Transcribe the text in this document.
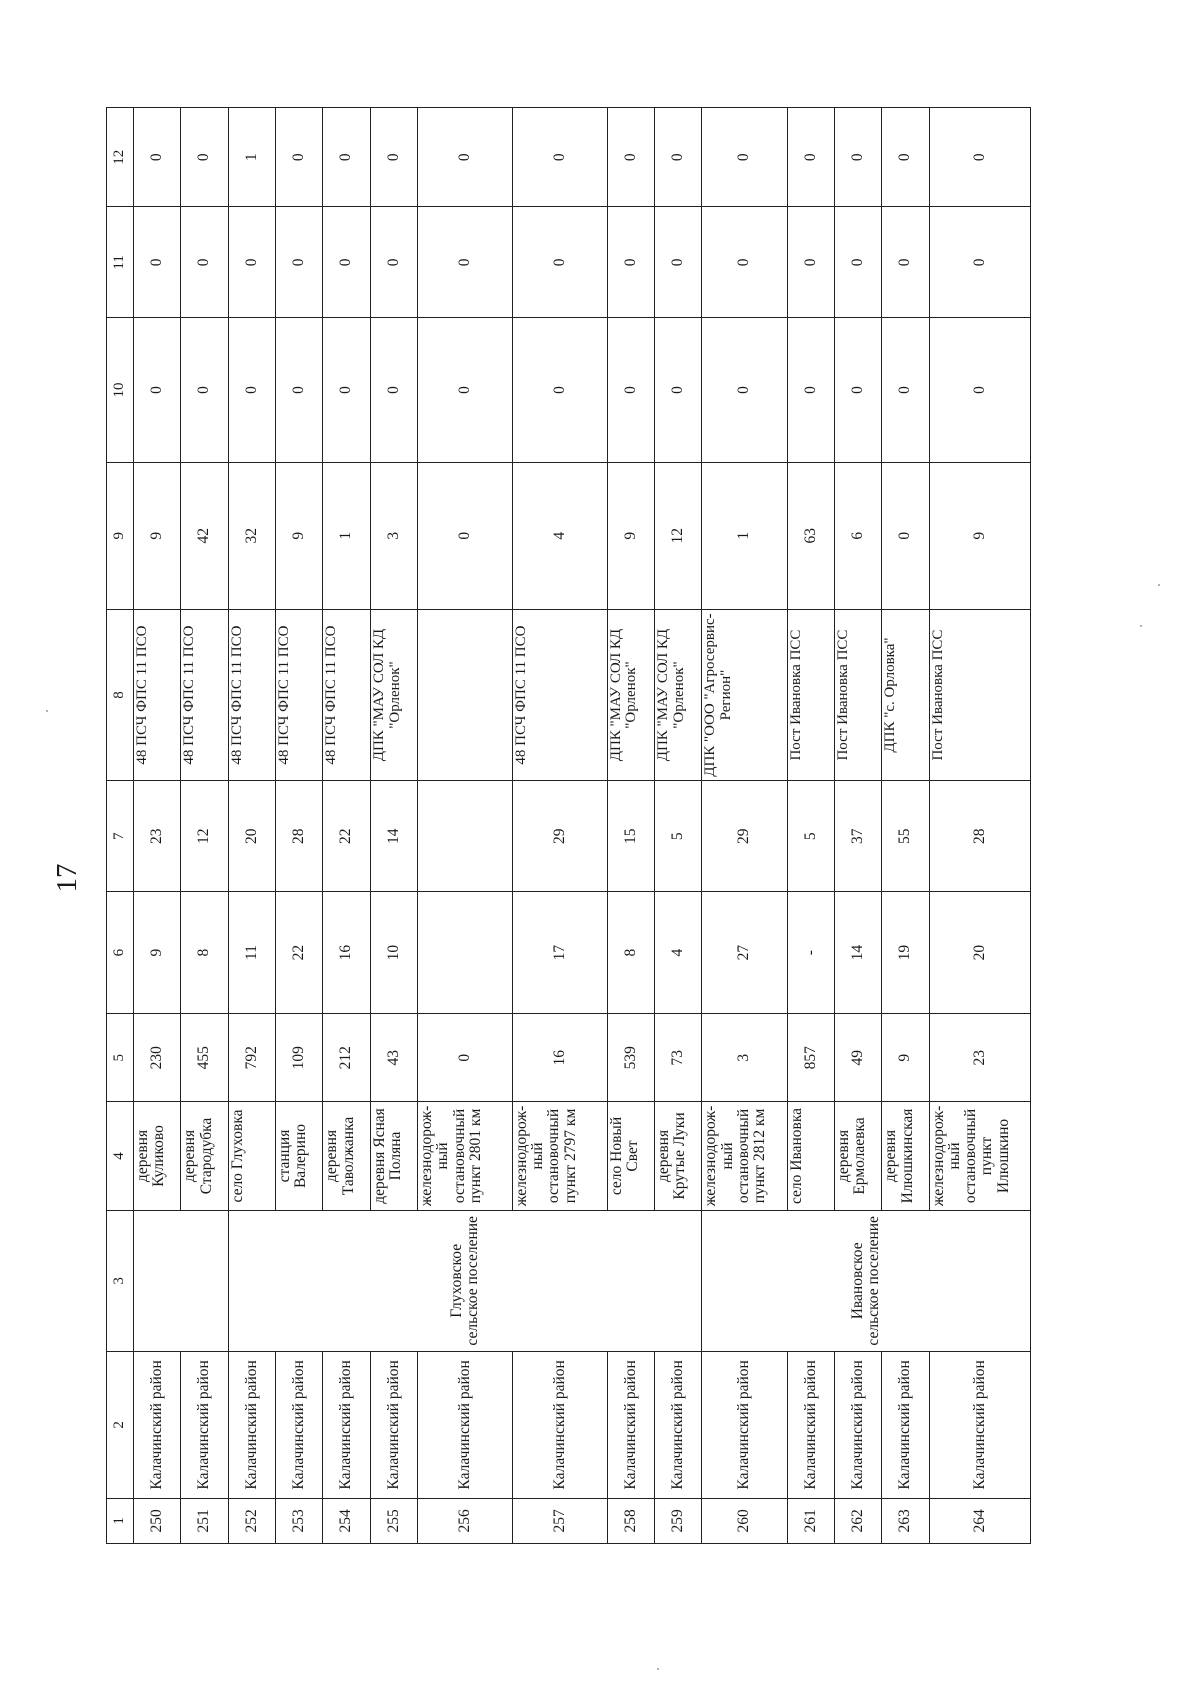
17
1	2	3	4	5	6	7	8	9	10	11	12
250	Калачинский район		деревня Куликово	230	9	23	48 ПСЧ ФПС 11 ПСО	9	0	0	0
251	Калачинский район		деревня Стародубка	455	8	12	48 ПСЧ ФПС 11 ПСО	42	0	0	0
252	Калачинский район	Глуховское сельское поселение	село Глуховка	792	11	20	48 ПСЧ ФПС 11 ПСО	32	0	0	1
253	Калачинский район		станция Валерино	109	22	28	48 ПСЧ ФПС 11 ПСО	9	0	0	0
254	Калачинский район		деревня Таволжанка	212	16	22	48 ПСЧ ФПС 11 ПСО	1	0	0	0
255	Калачинский район		деревня Ясная Поляна	43	10	14	ДПК "МАУ СОЛ КД "Орленок"	3	0	0	0
256	Калачинский район		железнодорож-ный остановочный пункт 2801 км	0				0	0	0	0
257	Калачинский район		железнодорож-ный остановочный пункт 2797 км	16	17	29	48 ПСЧ ФПС 11 ПСО	4	0	0	0
258	Калачинский район		село Новый Свет	539	8	15	ДПК "МАУ СОЛ КД "Орленок"	9	0	0	0
259	Калачинский район		деревня Крутые Луки	73	4	5	ДПК "МАУ СОЛ КД "Орленок"	12	0	0	0
260	Калачинский район	Ивановское сельское поселение	железнодорож-ный остановочный пункт 2812 км	3	27	29	ДПК "ООО "Агросервис-Регион"	1	0	0	0
261	Калачинский район		село Ивановка	857	-	5	Пост Ивановка ПСС	63	0	0	0
262	Калачинский район		деревня Ермолаевка	49	14	37	Пост Ивановка ПСС	6	0	0	0
263	Калачинский район		деревня Илюшкинская	9	19	55	ДПК "с. Орловка"	0	0	0	0
264	Калачинский район		железнодорож-ный остановочный пункт Илюшкино	23	20	28	Пост Ивановка ПСС	9	0	0	0
